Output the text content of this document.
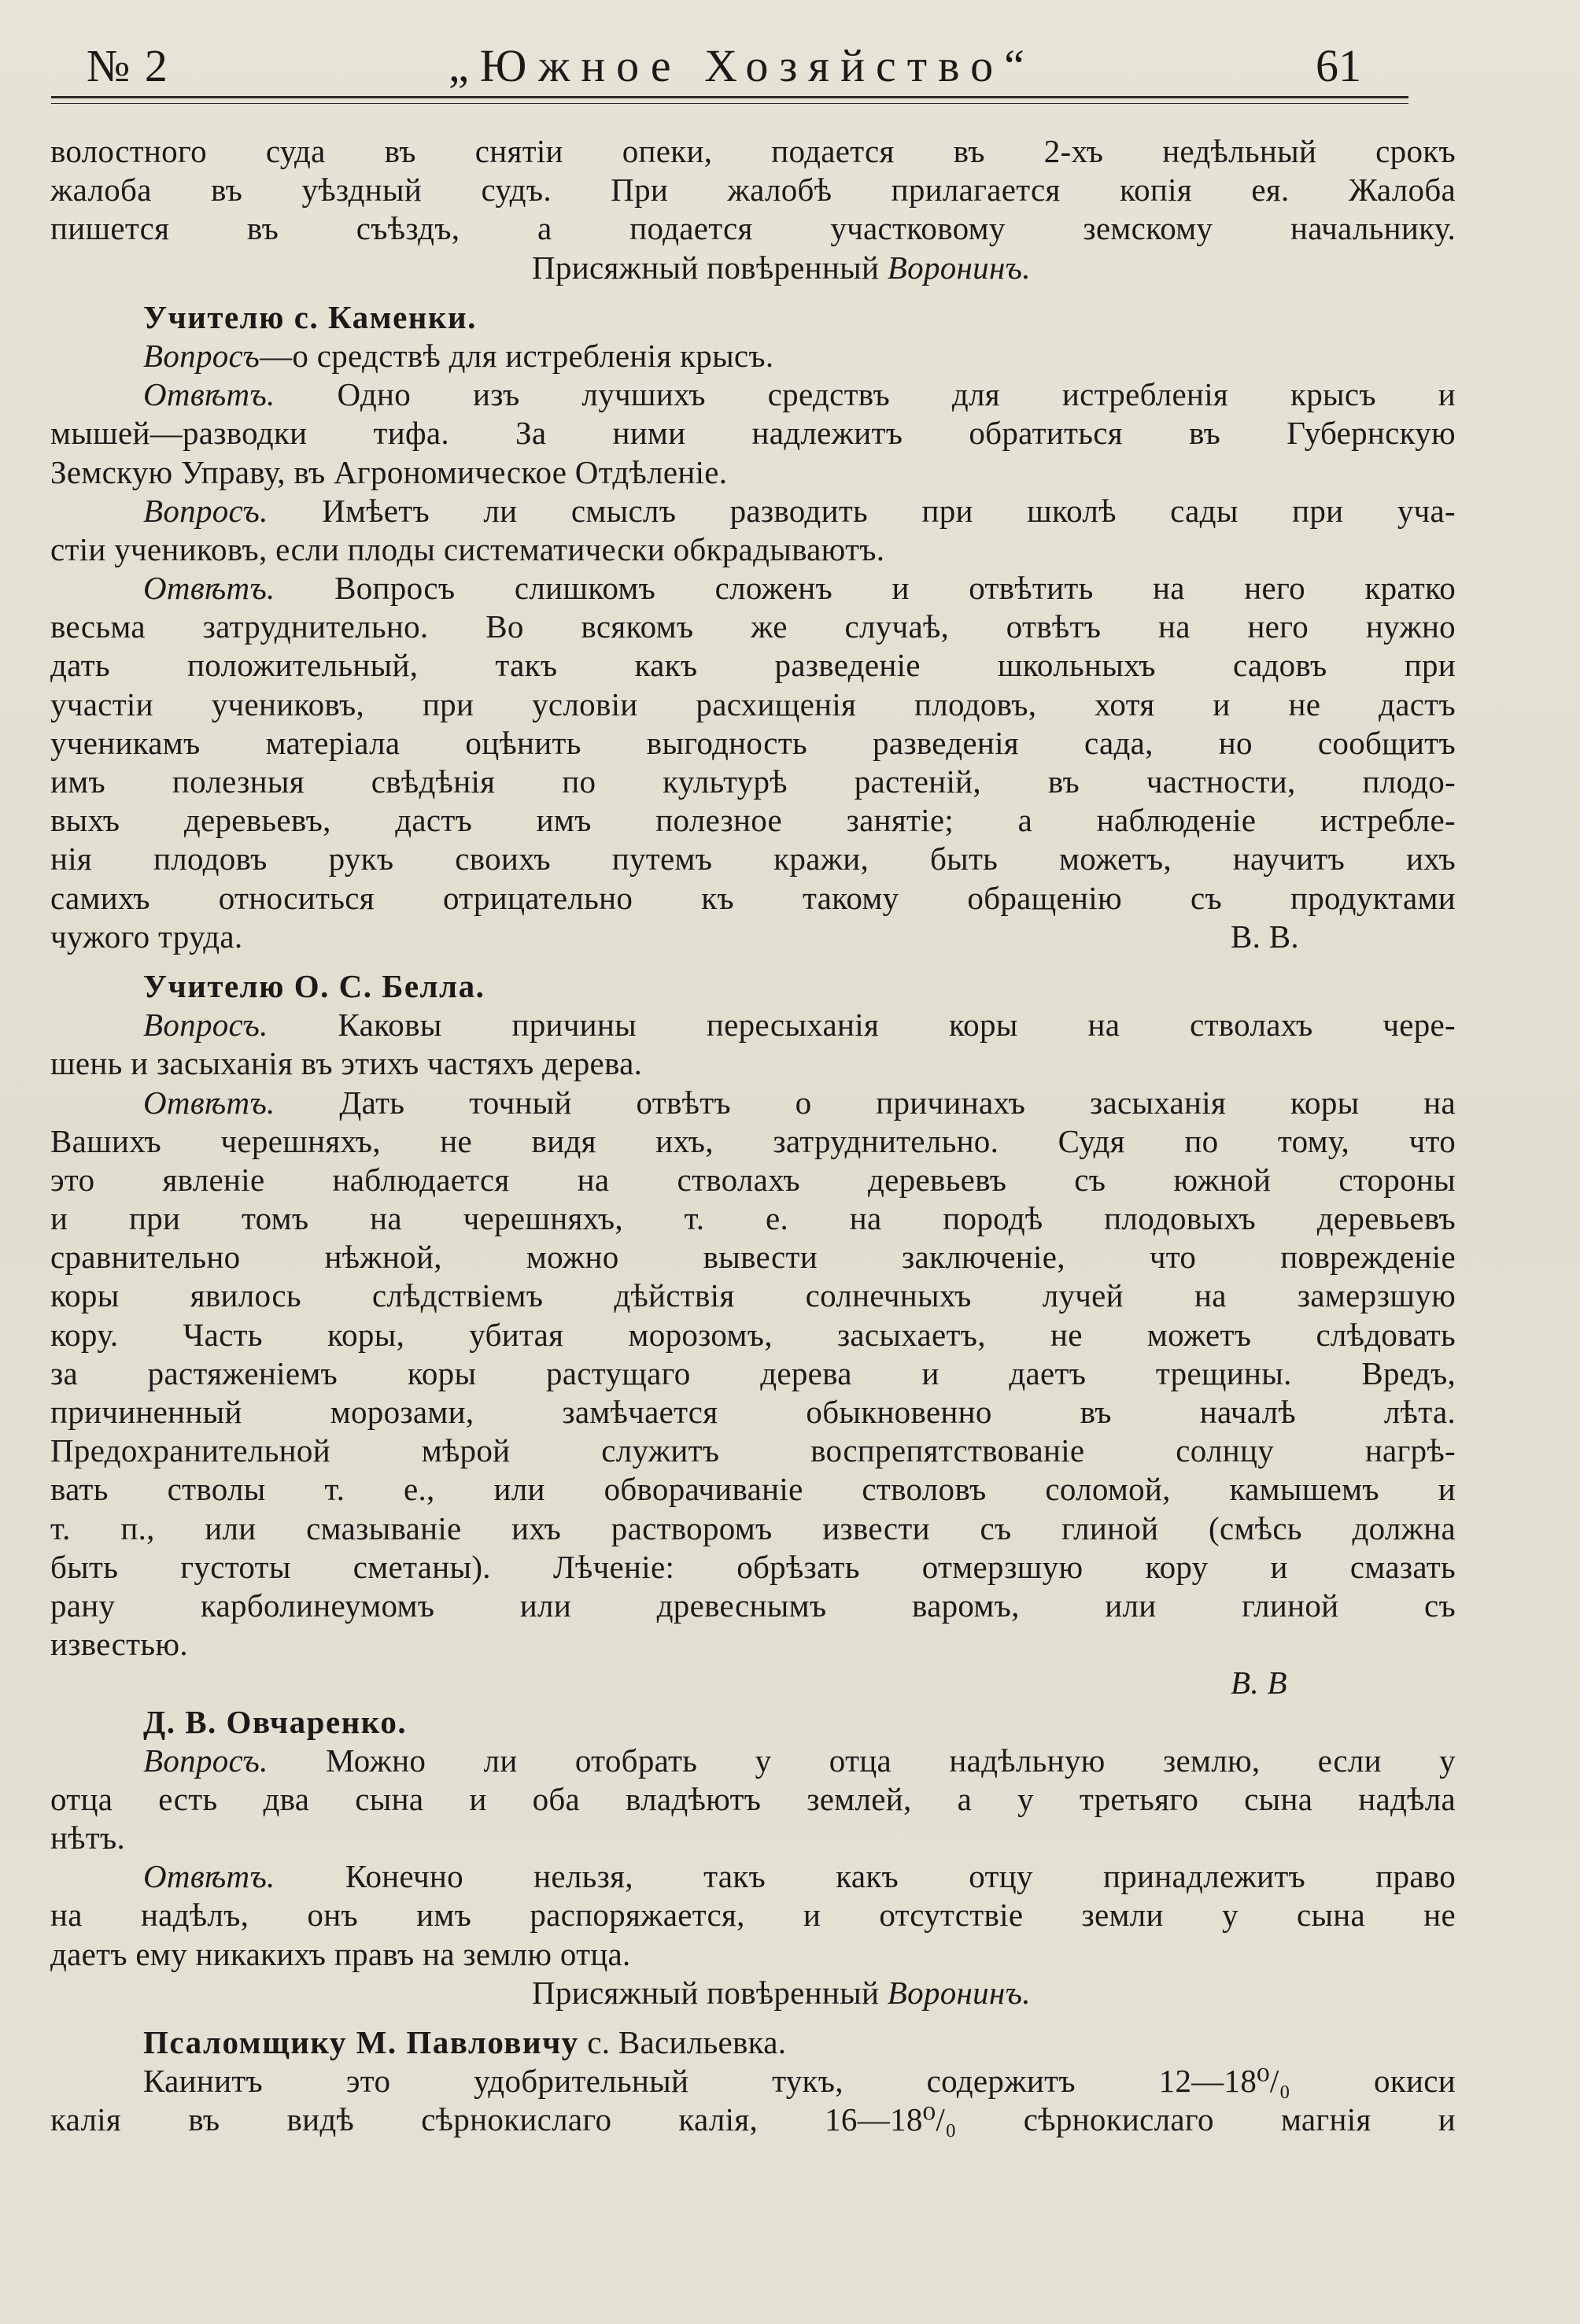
№ 2	„Южное Хозяйство“	61
волостного суда въ снятіи опеки, подается въ 2-хъ недѣльный срокъ
жалоба въ уѣздный судъ. При жалобѣ прилагается копія ея. Жалоба
пишется въ съѣздъ, а подается участковому земскому начальнику.
Присяжный повѣренный Воронинъ.
Учителю с. Каменки.
Вопросъ—о средствѣ для истребленія крысъ.
Отвѣтъ. Одно изъ лучшихъ средствъ для истребленія крысъ и
мышей—разводки тифа. За ними надлежитъ обратиться въ Губернскую
Земскую Управу, въ Агрономическое Отдѣленіе.
Вопросъ. Имѣетъ ли смыслъ разводить при школѣ сады при уча-
стіи учениковъ, если плоды систематически обкрадываютъ.
Отвѣтъ. Вопросъ слишкомъ сложенъ и отвѣтить на него кратко
весьма затруднительно. Во всякомъ же случаѣ, отвѣтъ на него нужно
дать положительный, такъ какъ разведеніе школьныхъ садовъ при
участіи учениковъ, при условіи расхищенія плодовъ, хотя и не дастъ
ученикамъ матеріала оцѣнить выгодность разведенія сада, но сообщитъ
имъ полезныя свѣдѣнія по культурѣ растеній, въ частности, плодо-
выхъ деревьевъ, дастъ имъ полезное занятіе; а наблюденіе истребле-
нія плодовъ рукъ своихъ путемъ кражи, быть можетъ, научитъ ихъ
самихъ относиться отрицательно къ такому обращенію съ продуктами
чужого труда.	В. В.
Учителю О. С. Белла.
Вопросъ. Каковы причины пересыханія коры на стволахъ чере-
шень и засыханія въ этихъ частяхъ дерева.
Отвѣтъ. Дать точный отвѣтъ о причинахъ засыханія коры на
Вашихъ черешняхъ, не видя ихъ, затруднительно. Судя по тому, что
это явленіе наблюдается на стволахъ деревьевъ съ южной стороны
и при томъ на черешняхъ, т. е. на породѣ плодовыхъ деревьевъ
сравнительно нѣжной, можно вывести заключеніе, что поврежденіе
коры явилось слѣдствіемъ дѣйствія солнечныхъ лучей на замерзшую
кору. Часть коры, убитая морозомъ, засыхаетъ, не можетъ слѣдовать
за растяженіемъ коры растущаго дерева и даетъ трещины. Вредъ,
причиненный морозами, замѣчается обыкновенно въ началѣ лѣта.
Предохранительной мѣрой служитъ воспрепятствованіе солнцу нагрѣ-
вать стволы т. е., или обворачиваніе стволовъ соломой, камышемъ и
т. п., или смазываніе ихъ растворомъ извести съ глиной (смѣсь должна
быть густоты сметаны). Лѣченіе: обрѣзать отмерзшую кору и смазать
рану карболинеумомъ или древеснымъ варомъ, или глиной съ
известью.
В. В
Д. В. Овчаренко.
Вопросъ. Можно ли отобрать у отца надѣльную землю, если у
отца есть два сына и оба владѣютъ землей, а у третьяго сына надѣла
нѣтъ.
Отвѣтъ. Конечно нельзя, такъ какъ отцу принадлежитъ право
на надѣлъ, онъ имъ распоряжается, и отсутствіе земли у сына не
даетъ ему никакихъ правъ на землю отца.
Присяжный повѣренный Воронинъ.
Псаломщику М. Павловичу с. Васильевка.
Каинитъ это удобрительный тукъ, содержитъ 12—18⁰/₀ окиси
калія въ видѣ сѣрнокислаго калія, 16—18⁰/₀ сѣрнокислаго магнія и
